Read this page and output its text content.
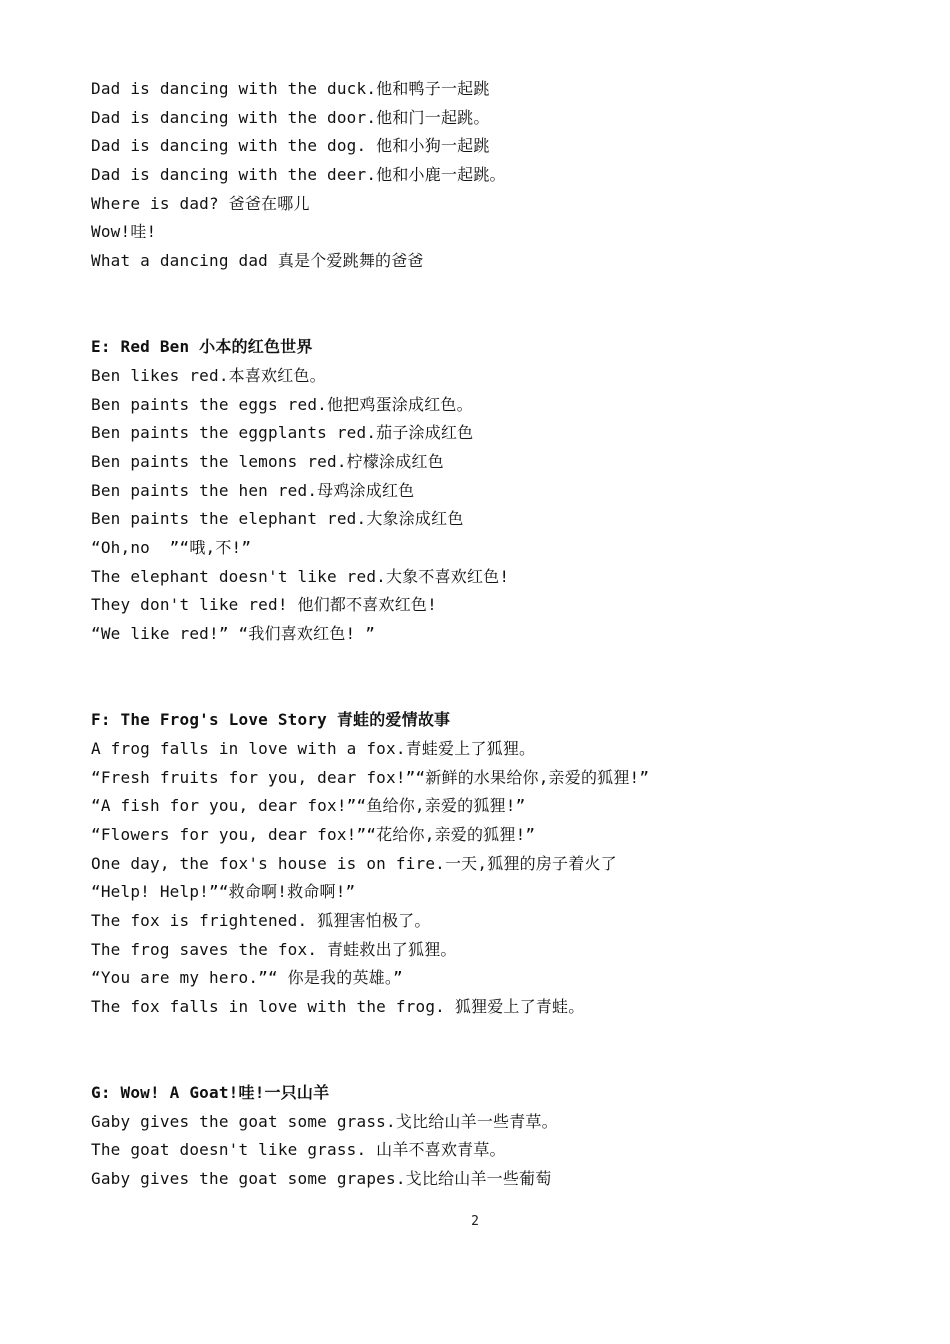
Dad is dancing with the duck.他和鸭子一起跳
Dad is dancing with the door.他和门一起跳。
Dad is dancing with the dog. 他和小狗一起跳
Dad is dancing with the deer.他和小鹿一起跳。
Where is dad? 爸爸在哪儿
Wow!哇!
What a dancing dad 真是个爱跳舞的爸爸
E: Red Ben 小本的红色世界
Ben likes red.本喜欢红色。
Ben paints the eggs red.他把鸡蛋涂成红色。
Ben paints the eggplants red.茄子涂成红色
Ben paints the lemons red.柠檬涂成红色
Ben paints the hen red.母鸡涂成红色
Ben paints the elephant red.大象涂成红色
“Oh,no  ”“哦,不!”
The elephant doesn't like red.大象不喜欢红色!
They don't like red! 他们都不喜欢红色!
“We like red!” “我们喜欢红色! ”
F: The Frog's Love Story 青蛙的爱情故事
A frog falls in love with a fox.青蛙爱上了狐狸。
“Fresh fruits for you, dear fox!”“新鲜的水果给你,亲爱的狐狸!”
“A fish for you, dear fox!”“鱼给你,亲爱的狐狸!”
“Flowers for you, dear fox!”“花给你,亲爱的狐狸!”
One day, the fox's house is on fire.一天,狐狸的房子着火了
“Help! Help!”“救命啊!救命啊!”
The fox is frightened. 狐狸害怕极了。
The frog saves the fox. 青蛙救出了狐狸。
“You are my hero.”“ 你是我的英雄。”
The fox falls in love with the frog. 狐狸爱上了青蛙。
G: Wow! A Goat!哇!一只山羊
Gaby gives the goat some grass.戈比给山羊一些青草。
The goat doesn't like grass. 山羊不喜欢青草。
Gaby gives the goat some grapes.戈比给山羊一些葡萄
2
